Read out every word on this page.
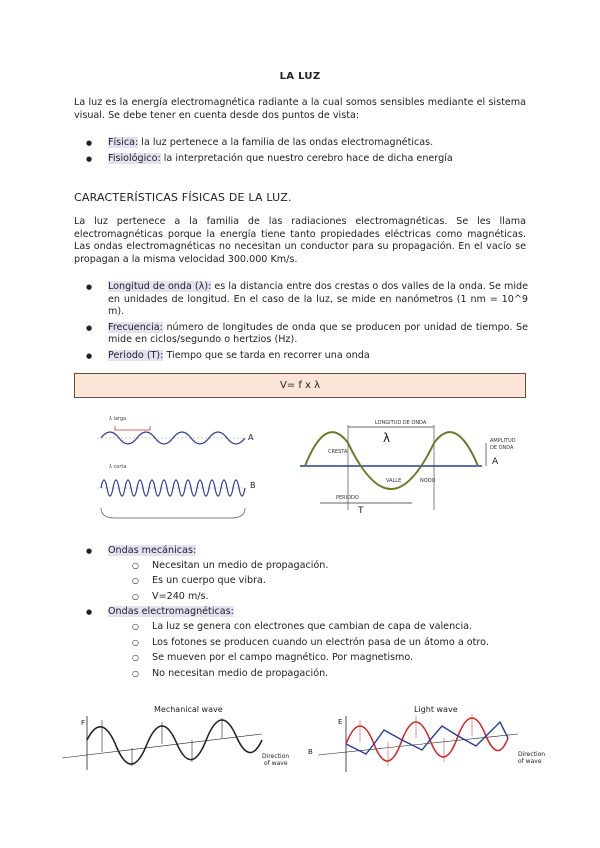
LA LUZ
La luz es la energía electromagnética radiante a la cual somos sensibles mediante el sistema visual. Se debe tener en cuenta desde dos puntos de vista:
● Física: la luz pertenece a la familia de las ondas electromagnéticas.
● Fisiológico: la interpretación que nuestro cerebro hace de dicha energía
CARACTERÍSTICAS FÍSICAS DE LA LUZ.
La luz pertenece a la familia de las radiaciones electromagnéticas. Se les llama electromagnéticas porque la energía tiene tanto propiedades eléctricas como magnéticas. Las ondas electromagnéticas no necesitan un conductor para su propagación. En el vacío se propagan a la misma velocidad 300.000 Km/s.
● Longitud de onda (λ): es la distancia entre dos crestas o dos valles de la onda. Se mide en unidades de longitud. En el caso de la luz, se mide en nanómetros (1 nm = 10^9 m).
● Frecuencia: número de longitudes de onda que se producen por unidad de tiempo. Se mide en ciclos/segundo o hertzios (Hz).
● Periodo (T): Tiempo que se tarda en recorrer una onda
V= f x λ
λ larga
A
λ corta
B
LONGITUD DE ONDA
λ
CRESTA
VALLE	NODO
AMPLITUD
DE ONDA
A
PERIODO
T
● Ondas mecánicas:
○ Necesitan un medio de propagación.
○ Es un cuerpo que vibra.
○ V=240 m/s.
● Ondas electromagnéticas:
○ La luz se genera con electrones que cambian de capa de valencia.
○ Los fotones se producen cuando un electrón pasa de un átomo a otro.
○ Se mueven por el campo magnético. Por magnetismo.
○ No necesitan medio de propagación.
Mechanical wave
F
Direction
of wave
Light wave
E
B	Direction
of wave
